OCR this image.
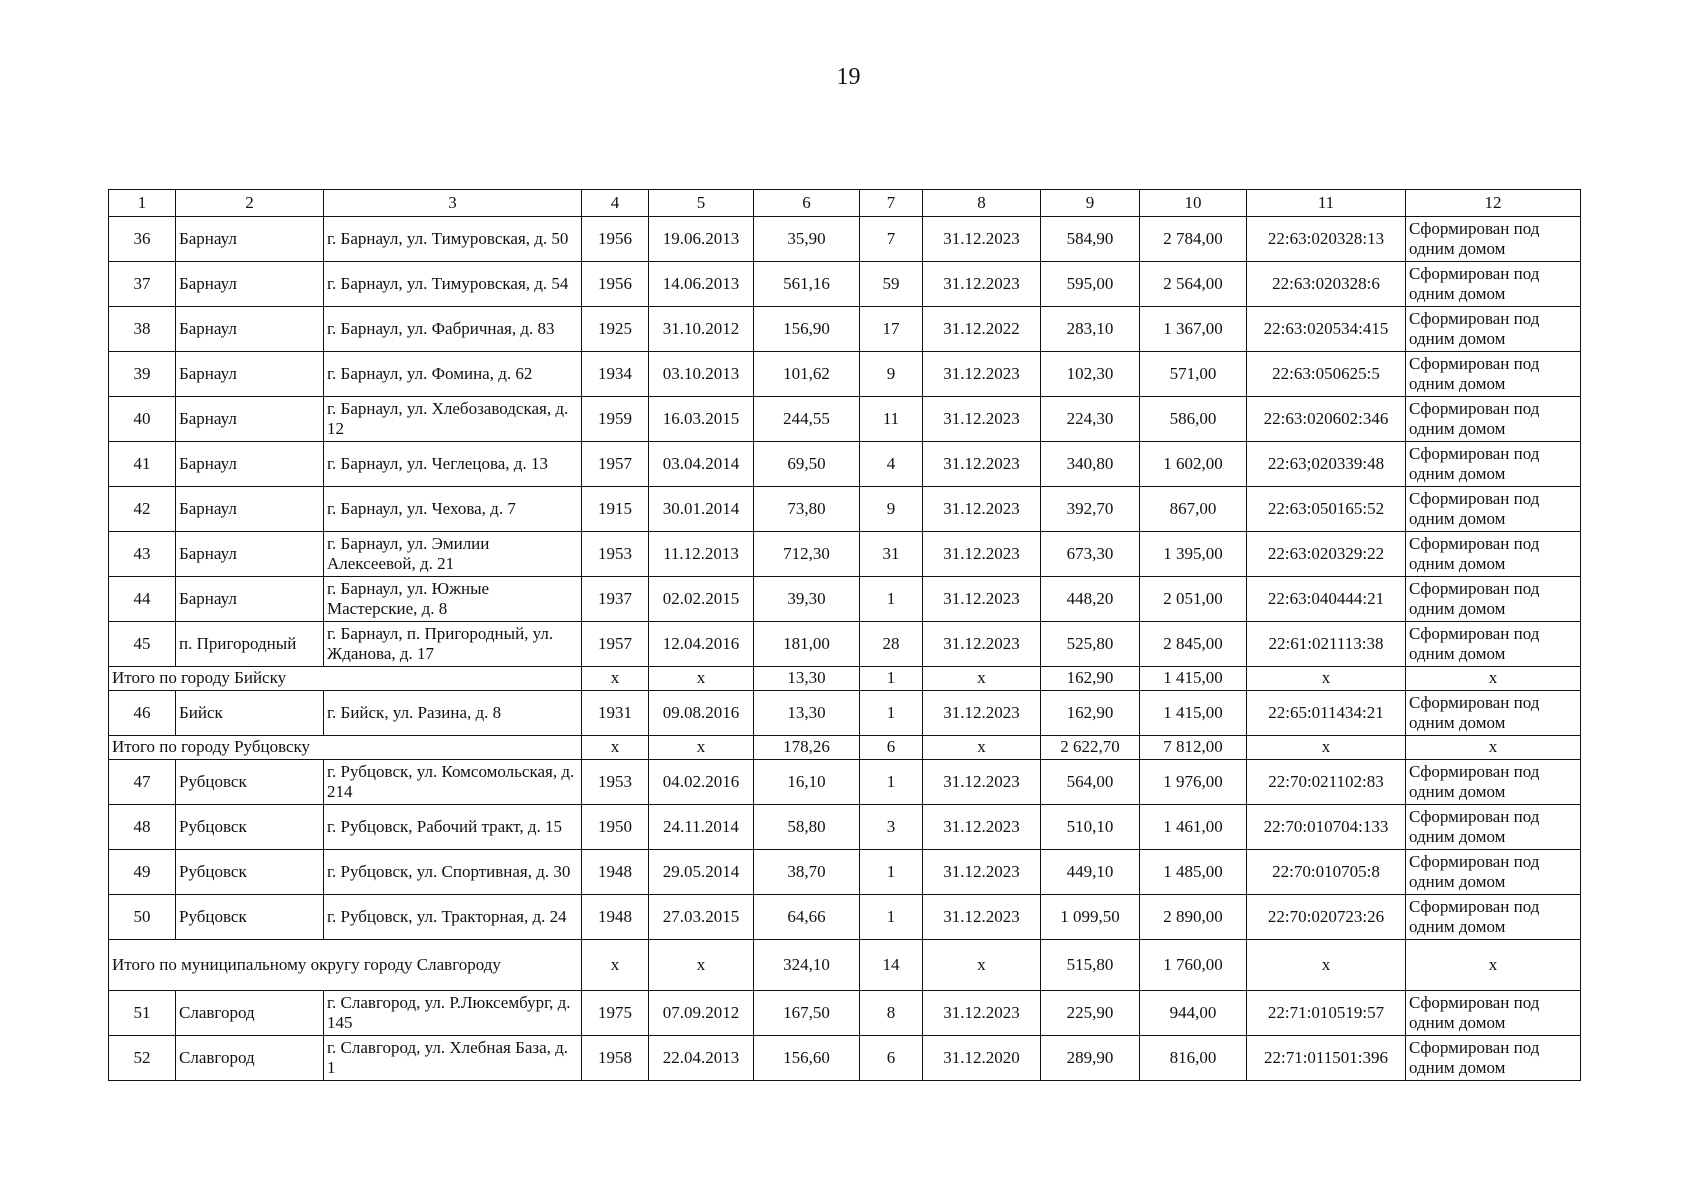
19
1	2	3	4	5	6	7	8	9	10	11	12
36	Барнаул	г. Барнаул, ул. Тимуровская, д. 50	1956	19.06.2013	35,90	7	31.12.2023	584,90	2 784,00	22:63:020328:13	Сформирован под одним домом
37	Барнаул	г. Барнаул, ул. Тимуровская, д. 54	1956	14.06.2013	561,16	59	31.12.2023	595,00	2 564,00	22:63:020328:6	Сформирован под одним домом
38	Барнаул	г. Барнаул, ул. Фабричная, д. 83	1925	31.10.2012	156,90	17	31.12.2022	283,10	1 367,00	22:63:020534:415	Сформирован под одним домом
39	Барнаул	г. Барнаул, ул. Фомина, д. 62	1934	03.10.2013	101,62	9	31.12.2023	102,30	571,00	22:63:050625:5	Сформирован под одним домом
40	Барнаул	г. Барнаул, ул. Хлебозаводская, д. 12	1959	16.03.2015	244,55	11	31.12.2023	224,30	586,00	22:63:020602:346	Сформирован под одним домом
41	Барнаул	г. Барнаул, ул. Чеглецова, д. 13	1957	03.04.2014	69,50	4	31.12.2023	340,80	1 602,00	22:63;020339:48	Сформирован под одним домом
42	Барнаул	г. Барнаул, ул. Чехова, д. 7	1915	30.01.2014	73,80	9	31.12.2023	392,70	867,00	22:63:050165:52	Сформирован под одним домом
43	Барнаул	г. Барнаул, ул. Эмилии Алексеевой, д. 21	1953	11.12.2013	712,30	31	31.12.2023	673,30	1 395,00	22:63:020329:22	Сформирован под одним домом
44	Барнаул	г. Барнаул, ул. Южные Мастерские, д. 8	1937	02.02.2015	39,30	1	31.12.2023	448,20	2 051,00	22:63:040444:21	Сформирован под одним домом
45	п. Пригородный	г. Барнаул, п. Пригородный, ул. Жданова, д. 17	1957	12.04.2016	181,00	28	31.12.2023	525,80	2 845,00	22:61:021113:38	Сформирован под одним домом
Итого по городу Бийску			x	x	13,30	1	x	162,90	1 415,00	x	x
46	Бийск	г. Бийск, ул. Разина, д. 8	1931	09.08.2016	13,30	1	31.12.2023	162,90	1 415,00	22:65:011434:21	Сформирован под одним домом
Итого по городу Рубцовску			x	x	178,26	6	x	2 622,70	7 812,00	x	x
47	Рубцовск	г. Рубцовск, ул. Комсомольская, д. 214	1953	04.02.2016	16,10	1	31.12.2023	564,00	1 976,00	22:70:021102:83	Сформирован под одним домом
48	Рубцовск	г. Рубцовск, Рабочий тракт, д. 15	1950	24.11.2014	58,80	3	31.12.2023	510,10	1 461,00	22:70:010704:133	Сформирован под одним домом
49	Рубцовск	г. Рубцовск, ул. Спортивная, д. 30	1948	29.05.2014	38,70	1	31.12.2023	449,10	1 485,00	22:70:010705:8	Сформирован под одним домом
50	Рубцовск	г. Рубцовск, ул. Тракторная, д. 24	1948	27.03.2015	64,66	1	31.12.2023	1 099,50	2 890,00	22:70:020723:26	Сформирован под одним домом
Итого по муниципальному округу городу Славгороду			x	x	324,10	14	x	515,80	1 760,00	x	x
51	Славгород	г. Славгород, ул. Р.Люксембург, д. 145	1975	07.09.2012	167,50	8	31.12.2023	225,90	944,00	22:71:010519:57	Сформирован под одним домом
52	Славгород	г. Славгород, ул. Хлебная База, д. 1	1958	22.04.2013	156,60	6	31.12.2020	289,90	816,00	22:71:011501:396	Сформирован под одним домом
